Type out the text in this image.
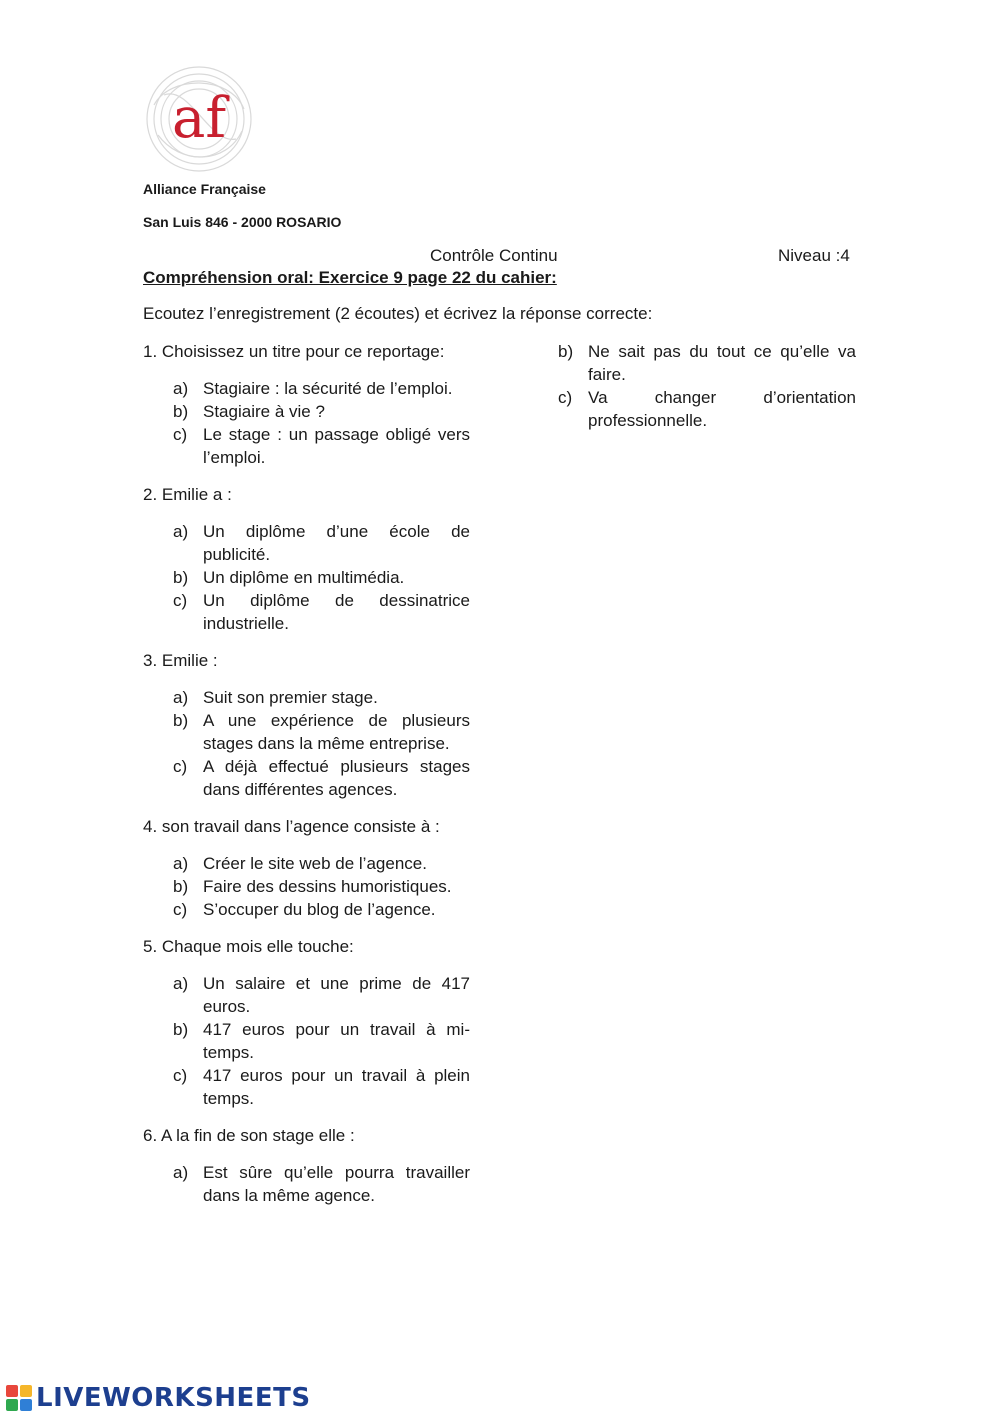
af
Alliance Française
San Luis 846 - 2000 ROSARIO
Contrôle Continu	Niveau :4
Compréhension oral: Exercice 9 page 22 du cahier:
Ecoutez l’enregistrement (2 écoutes) et écrivez la réponse correcte:

1. Choisissez un titre pour ce reportage:

a) Stagiaire : la sécurité de l’emploi.
b) Stagiaire à vie ?
c) Le stage : un passage obligé vers l’emploi.

2. Emilie a :

a) Un diplôme d’une école de publicité.
b) Un diplôme en multimédia.
c) Un diplôme de dessinatrice industrielle.

3. Emilie :

a) Suit son premier stage.
b) A une expérience de plusieurs stages dans la même entreprise.
c) A déjà effectué plusieurs stages dans différentes agences.

4. son travail dans l’agence consiste à :

a) Créer le site web de l’agence.
b) Faire des dessins humoristiques.
c) S’occuper du blog de l’agence.

5. Chaque mois elle touche:

a) Un salaire et une prime de 417 euros.
b) 417 euros pour un travail à mi-temps.
c) 417 euros pour un travail à plein temps.

6. A la fin de son stage elle :

a) Est sûre qu’elle pourra travailler dans la même agence.
b) Ne sait pas du tout ce qu’elle va faire.
c) Va changer d’orientation professionnelle.
LIVEWORKSHEETS
